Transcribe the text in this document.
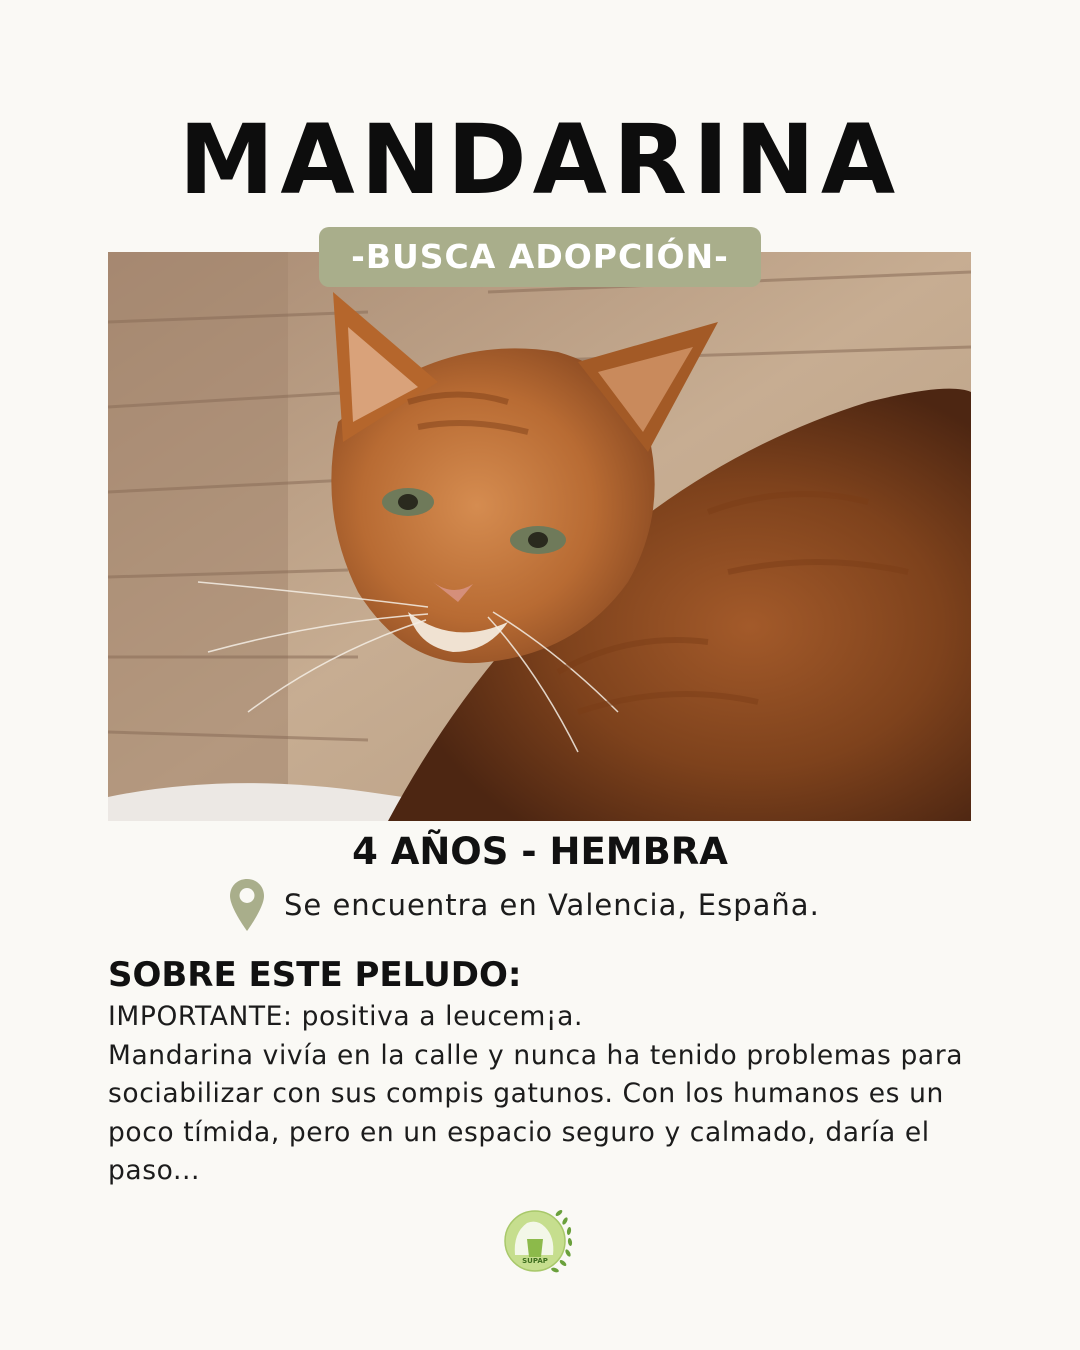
MANDARINA
-BUSCA ADOPCIÓN-
4 AÑOS - HEMBRA
Se encuentra en Valencia, España.
SOBRE ESTE PELUDO:

IMPORTANTE: positiva a leucem¡a.

Mandarina vivía en la calle y nunca ha tenido problemas para sociabilizar con sus compis gatunos. Con los humanos es un poco tímida, pero en un espacio seguro y calmado, daría el paso...

SUPAP
